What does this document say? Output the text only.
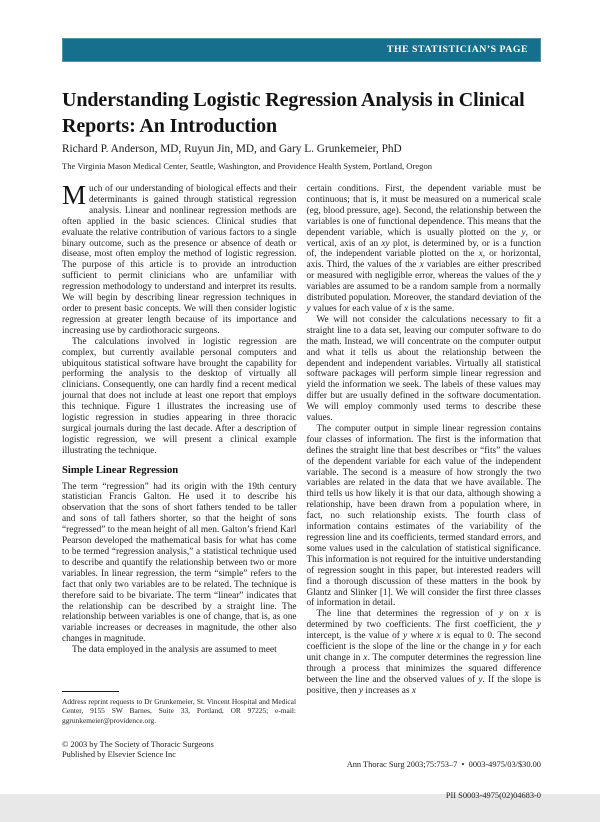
THE STATISTICIAN’S PAGE
Understanding Logistic Regression Analysis in Clinical Reports: An Introduction
Richard P. Anderson, MD, Ruyun Jin, MD, and Gary L. Grunkemeier, PhD
The Virginia Mason Medical Center, Seattle, Washington, and Providence Health System, Portland, Oregon

Much of our understanding of biological effects and their determinants is gained through statistical regression analysis. Linear and nonlinear regression methods are often applied in the basic sciences. Clinical studies that evaluate the relative contribution of various factors to a single binary outcome, such as the presence or absence of death or disease, most often employ the method of logistic regression. The purpose of this article is to provide an introduction sufficient to permit clinicians who are unfamiliar with regression methodology to understand and interpret its results. We will begin by describing linear regression techniques in order to present basic concepts. We will then consider logistic regression at greater length because of its importance and increasing use by cardiothoracic surgeons.

The calculations involved in logistic regression are complex, but currently available personal computers and ubiquitous statistical software have brought the capability for performing the analysis to the desktop of virtually all clinicians. Consequently, one can hardly find a recent medical journal that does not include at least one report that employs this technique. Figure 1 illustrates the increasing use of logistic regression in studies appearing in three thoracic surgical journals during the last decade. After a description of logistic regression, we will present a clinical example illustrating the technique.

Simple Linear Regression

The term “regression” had its origin with the 19th century statistician Francis Galton. He used it to describe his observation that the sons of short fathers tended to be taller and sons of tall fathers shorter, so that the height of sons “regressed” to the mean height of all men. Galton’s friend Karl Pearson developed the mathematical basis for what has come to be termed “regression analysis,” a statistical technique used to describe and quantify the relationship between two or more variables. In linear regression, the term “simple” refers to the fact that only two variables are to be related. The technique is therefore said to be bivariate. The term “linear” indicates that the relationship can be described by a straight line. The relationship between variables is one of change, that is, as one variable increases or decreases in magnitude, the other also changes in magnitude.

The data employed in the analysis are assumed to meet

certain conditions. First, the dependent variable must be continuous; that is, it must be measured on a numerical scale (eg, blood pressure, age). Second, the relationship between the variables is one of functional dependence. This means that the dependent variable, which is usually plotted on the y, or vertical, axis of an xy plot, is determined by, or is a function of, the independent variable plotted on the x, or horizontal, axis. Third, the values of the x variables are either prescribed or measured with negligible error, whereas the values of the y variables are assumed to be a random sample from a normally distributed population. Moreover, the standard deviation of the y values for each value of x is the same.

We will not consider the calculations necessary to fit a straight line to a data set, leaving our computer software to do the math. Instead, we will concentrate on the computer output and what it tells us about the relationship between the dependent and independent variables. Virtually all statistical software packages will perform simple linear regression and yield the information we seek. The labels of these values may differ but are usually defined in the software documentation. We will employ commonly used terms to describe these values.

The computer output in simple linear regression contains four classes of information. The first is the information that defines the straight line that best describes or “fits” the values of the dependent variable for each value of the independent variable. The second is a measure of how strongly the two variables are related in the data that we have available. The third tells us how likely it is that our data, although showing a relationship, have been drawn from a population where, in fact, no such relationship exists. The fourth class of information contains estimates of the variability of the regression line and its coefficients, termed standard errors, and some values used in the calculation of statistical significance. This information is not required for the intuitive understanding of regression sought in this paper, but interested readers will find a thorough discussion of these matters in the book by Glantz and Slinker [1]. We will consider the first three classes of information in detail.

The line that determines the regression of y on x is determined by two coefficients. The first coefficient, the y intercept, is the value of y where x is equal to 0. The second coefficient is the slope of the line or the change in y for each unit change in x. The computer determines the regression line through a process that minimizes the squared difference between the line and the observed values of y. If the slope is positive, then y increases as x

Address reprint requests to Dr Grunkemeier, St. Vincent Hospital and Medical Center, 9155 SW Barnes, Suite 33, Portland, OR 97225; e-mail: ggrunkemeier@providence.org.
© 2003 by The Society of Thoracic Surgeons
Published by Elsevier Science Inc

Ann Thorac Surg 2003;75:753–7  •  0003-4975/03/$30.00

PII S0003-4975(02)04683-0
